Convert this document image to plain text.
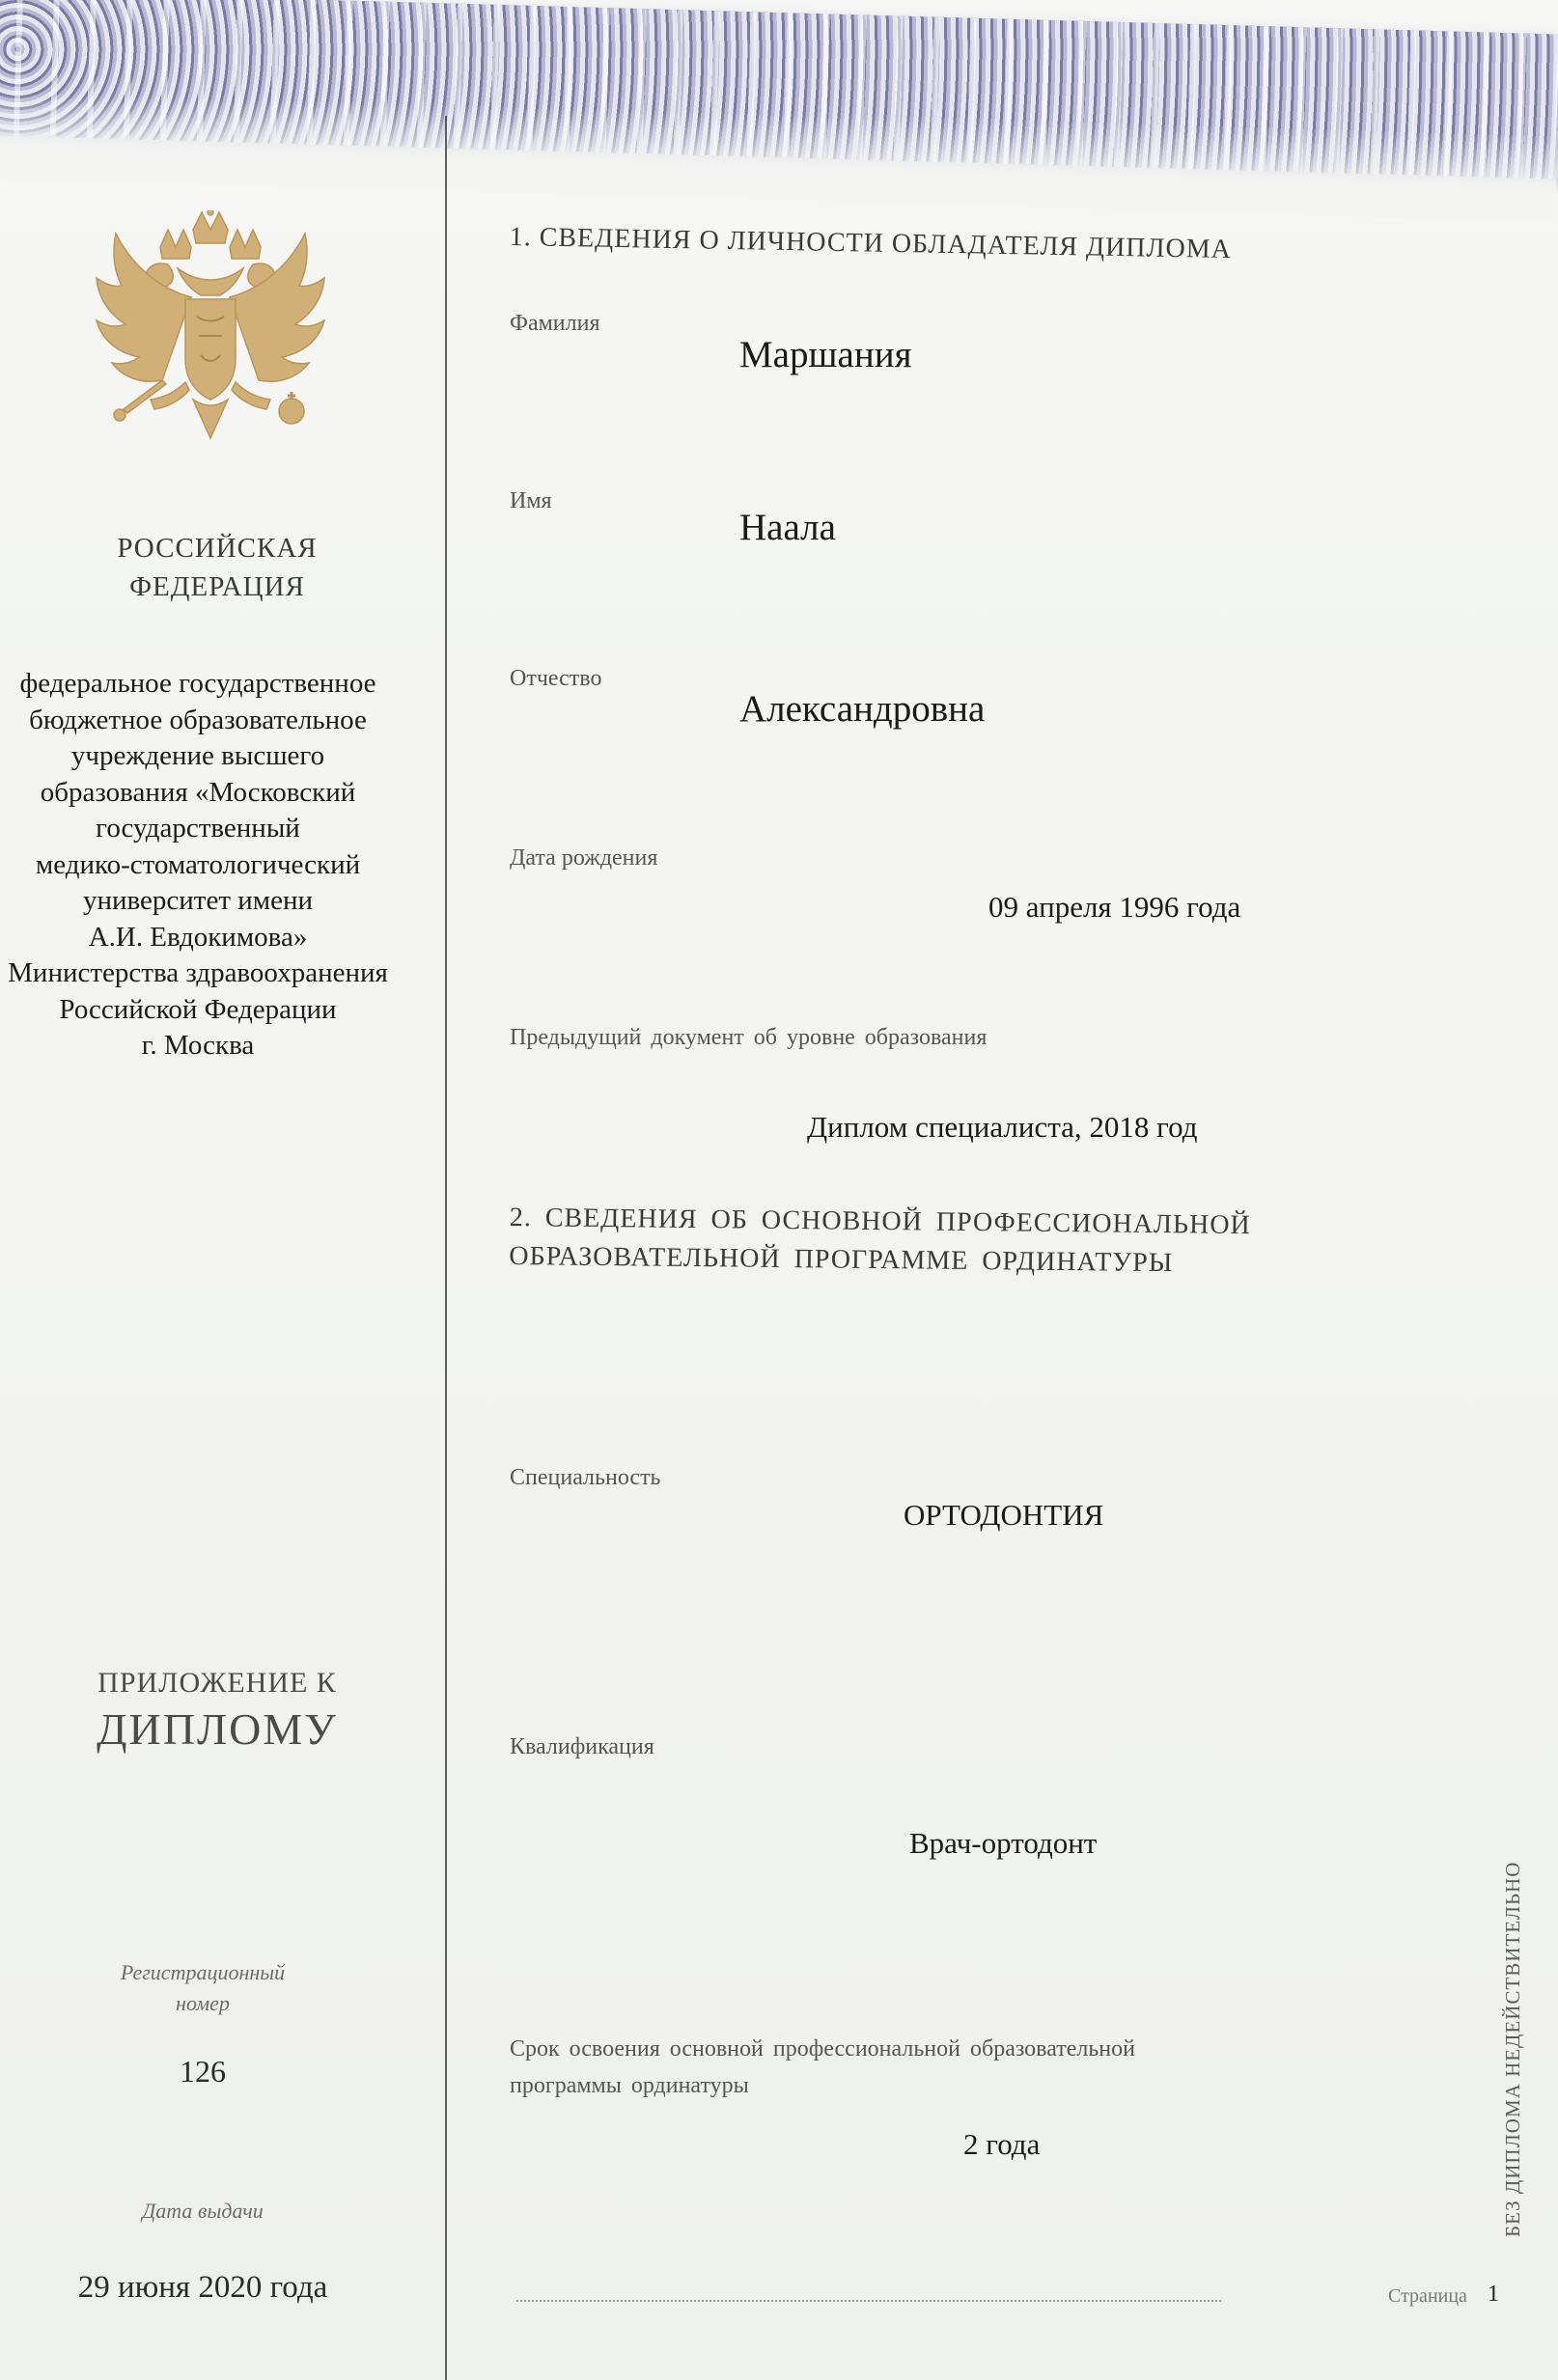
РОССИЙСКАЯ
ФЕДЕРАЦИЯ
федеральное государственное
бюджетное образовательное
учреждение высшего
образования «Московский
государственный
медико-стоматологический
университет имени
А.И. Евдокимова»
Министерства здравоохранения
Российской Федерации
г. Москва
ПРИЛОЖЕНИЕ К
ДИПЛОМУ
Регистрационный
номер
126
Дата выдачи
29 июня 2020 года
1. СВЕДЕНИЯ О ЛИЧНОСТИ ОБЛАДАТЕЛЯ ДИПЛОМА
Фамилия
Маршания
Имя
Наала
Отчество
Александровна
Дата рождения
09 апреля 1996 года
Предыдущий документ об уровне образования
Диплом специалиста, 2018 год
2. СВЕДЕНИЯ ОБ ОСНОВНОЙ ПРОФЕССИОНАЛЬНОЙ
ОБРАЗОВАТЕЛЬНОЙ ПРОГРАММЕ ОРДИНАТУРЫ
Специальность
ОРТОДОНТИЯ
Квалификация
Врач-ортодонт
Срок освоения основной профессиональной образовательной
программы ординатуры
2 года
Страница 1
БЕЗ ДИПЛОМА НЕДЕЙСТВИТЕЛЬНО
